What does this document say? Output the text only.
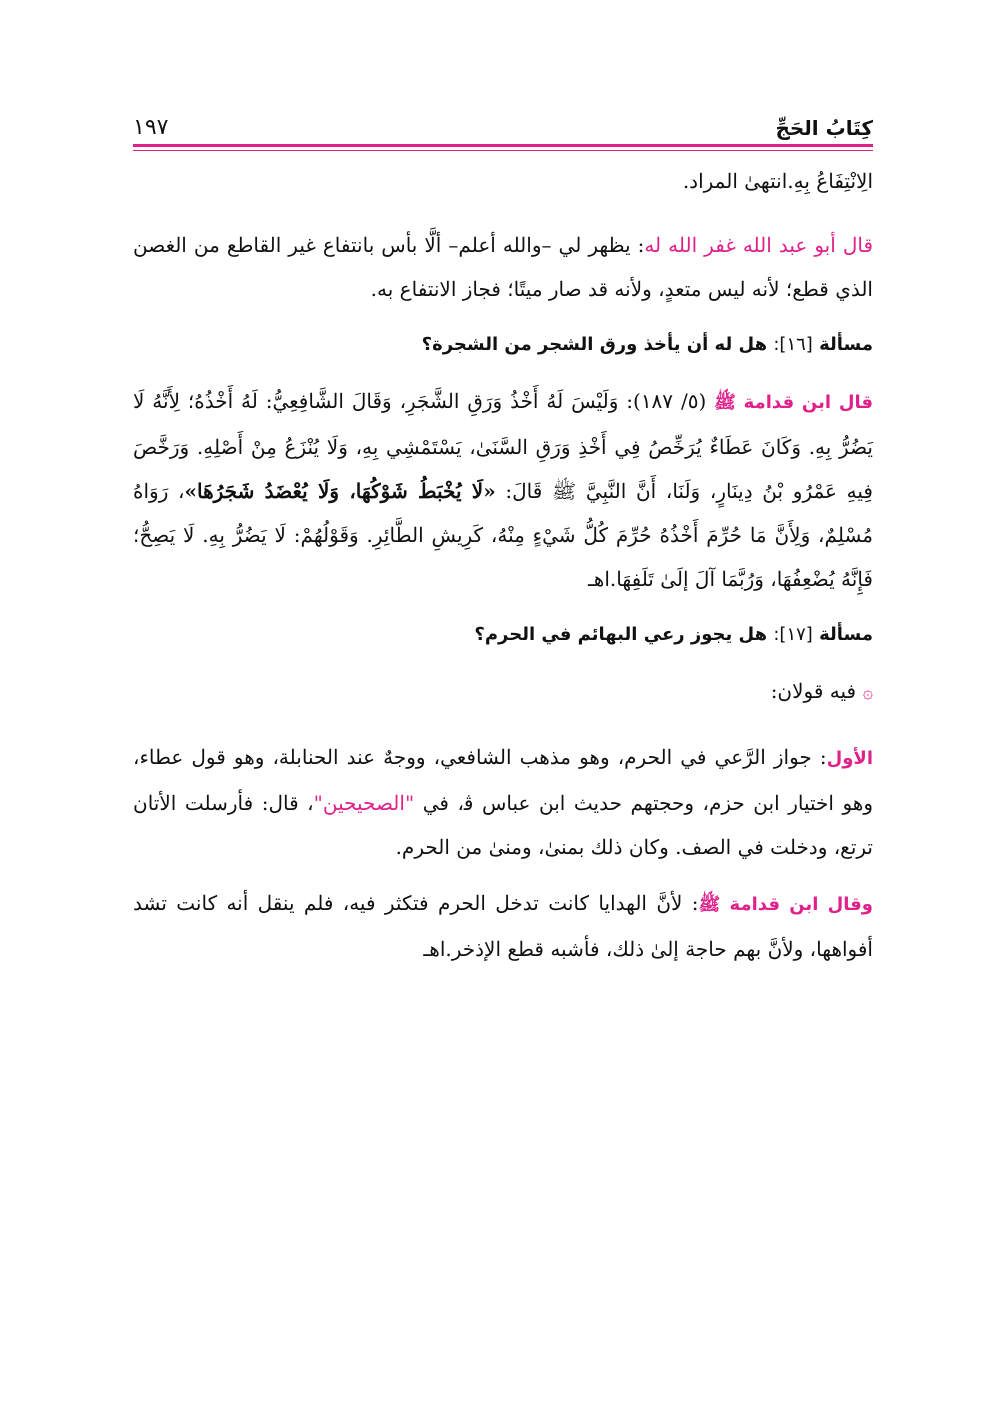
كِتَابُ الحَجِّ
١٩٧

الِانْتِفَاعُ بِهِ.انتهىٰ المراد.

قال أبو عبد الله غفر الله له: يظهر لي –والله أعلم– ألَّا بأس بانتفاع غير القاطع من الغصن الذي قطع؛ لأنه ليس متعدٍ، ولأنه قد صار ميتًا؛ فجاز الانتفاع به.

مسألة [١٦]: هل له أن يأخذ ورق الشجر من الشجرة؟

قال ابن قدامة ﷺ (٥/ ١٨٧): وَلَيْسَ لَهُ أَخْذُ وَرَقِ الشَّجَرِ، وَقَالَ الشَّافِعِيُّ: لَهُ أَخْذُهُ؛ لِأَنَّهُ لَا يَضُرُّ بِهِ. وَكَانَ عَطَاءٌ يُرَخِّصُ فِي أَخْذِ وَرَقِ السَّنَىٰ، يَسْتَمْشِي بِهِ، وَلَا يُنْزَعُ مِنْ أَصْلِهِ. وَرَخَّصَ فِيهِ عَمْرُو بْنُ دِينَارٍ، وَلَنَا، أَنَّ النَّبِيَّ ﷺ قَالَ: «لَا يُخْبَطُ شَوْكُهَا، وَلَا يُعْضَدُ شَجَرُهَا»، رَوَاهُ مُسْلِمٌ، وَلِأَنَّ مَا حُرِّمَ أَخْذُهُ حُرِّمَ كُلُّ شَيْءٍ مِنْهُ، كَرِيشِ الطَّائِرِ. وَقَوْلُهُمْ: لَا يَضُرُّ بِهِ. لَا يَصِحُّ؛ فَإِنَّهُ يُضْعِفُهَا، وَرُبَّمَا آلَ إلَىٰ تَلَفِهَا.اهـ

مسألة [١٧]: هل يجوز رعي البهائم في الحرم؟

۞ فيه قولان:

الأول: جواز الرَّعي في الحرم، وهو مذهب الشافعي، ووجهٌ عند الحنابلة، وهو قول عطاء، وهو اختيار ابن حزم، وحجتهم حديث ابن عباس ﭬ، في "الصحيحين"، قال: فأرسلت الأتان ترتع، ودخلت في الصف. وكان ذلك بمنىٰ، ومنىٰ من الحرم.

وقال ابن قدامة ﷺ: لأنَّ الهدايا كانت تدخل الحرم فتكثر فيه، فلم ينقل أنه كانت تشد أفواهها، ولأنَّ بهم حاجة إلىٰ ذلك، فأشبه قطع الإذخر.اهـ
